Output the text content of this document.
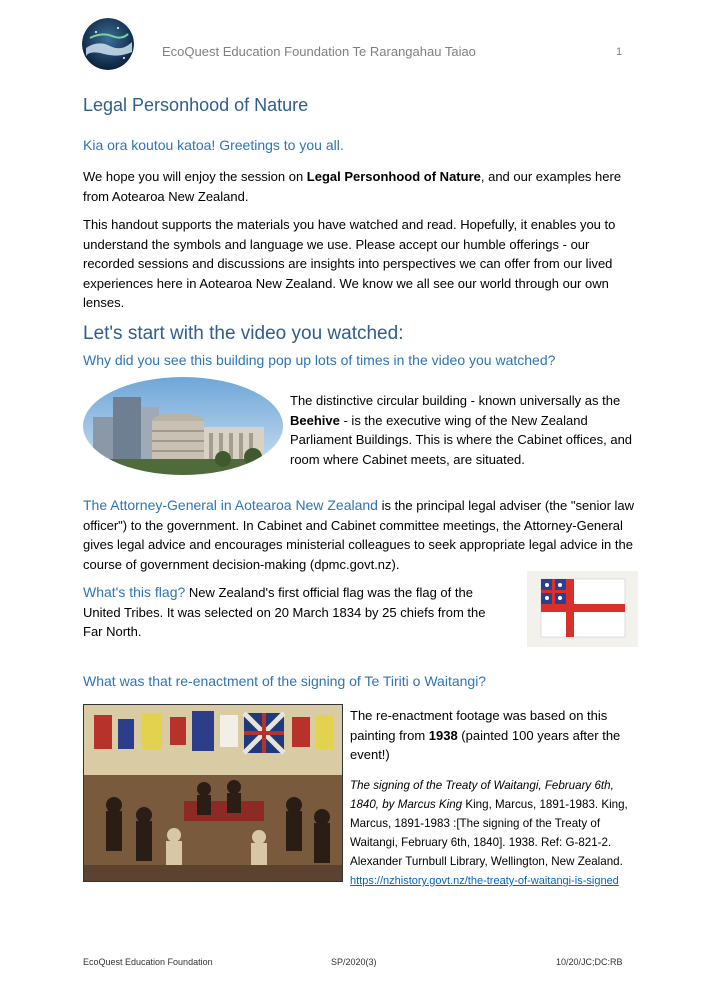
EcoQuest Education Foundation Te Rarangahau Taiao	1
Legal Personhood of Nature
Kia ora koutou katoa! Greetings to you all.
We hope you will enjoy the session on Legal Personhood of Nature, and our examples here from Aotearoa New Zealand.
This handout supports the materials you have watched and read. Hopefully, it enables you to understand the symbols and language we use. Please accept our humble offerings - our recorded sessions and discussions are insights into perspectives we can offer from our lived experiences here in Aotearoa New Zealand. We know we all see our world through our own lenses.
Let's start with the video you watched:
Why did you see this building pop up lots of times in the video you watched?
The distinctive circular building - known universally as the Beehive - is the executive wing of the New Zealand Parliament Buildings. This is where the Cabinet offices, and room where Cabinet meets, are situated.
The Attorney-General in Aotearoa New Zealand is the principal legal adviser (the "senior law officer") to the government. In Cabinet and Cabinet committee meetings, the Attorney-General gives legal advice and encourages ministerial colleagues to seek appropriate legal advice in the course of government decision-making (dpmc.govt.nz).
What's this flag? New Zealand's first official flag was the flag of the United Tribes. It was selected on 20 March 1834 by 25 chiefs from the Far North.
What was that re-enactment of the signing of Te Tiriti o Waitangi?
The re-enactment footage was based on this painting from 1938 (painted 100 years after the event!)
The signing of the Treaty of Waitangi, February 6th, 1840, by Marcus King King, Marcus, 1891-1983. King, Marcus, 1891-1983 :[The signing of the Treaty of Waitangi, February 6th, 1840]. 1938. Ref: G-821-2. Alexander Turnbull Library, Wellington, New Zealand.
https://nzhistory.govt.nz/the-treaty-of-waitangi-is-signed
EcoQuest Education Foundation	SP/2020(3)	10/20/JC;DC:RB
